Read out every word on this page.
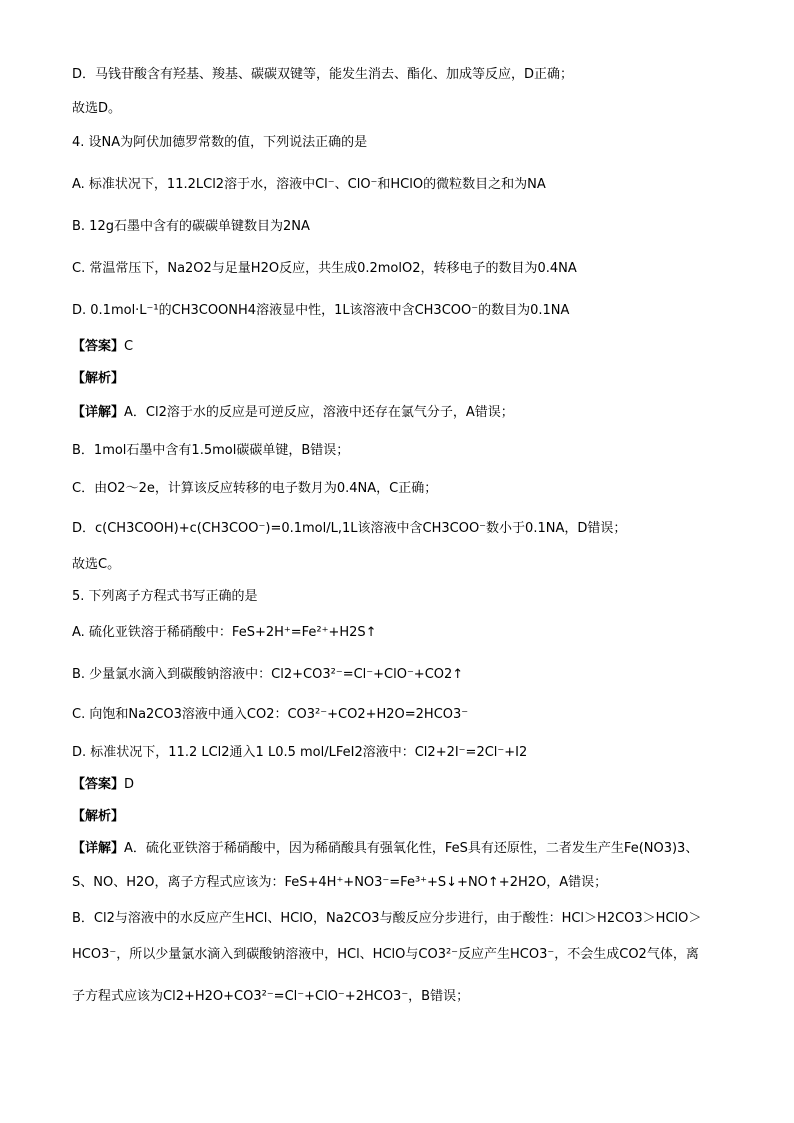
D．马钱苷酸含有羟基、羧基、碳碳双键等，能发生消去、酯化、加成等反应，D正确；
故选D。
4. 设NA为阿伏加德罗常数的值，下列说法正确的是
A. 标准状况下，11.2LCl2溶于水，溶液中Cl⁻、ClO⁻和HClO的微粒数目之和为NA
B. 12g石墨中含有的碳碳单键数目为2NA
C. 常温常压下，Na2O2与足量H2O反应，共生成0.2molO2，转移电子的数目为0.4NA
D. 0.1mol·L⁻¹的CH3COONH4溶液显中性，1L该溶液中含CH3COO⁻的数目为0.1NA
【答案】C
【解析】
【详解】A．Cl2溶于水的反应是可逆反应，溶液中还存在氯气分子，A错误；
B．1mol石墨中含有1.5mol碳碳单键，B错误；
C．由O2～2e，计算该反应转移的电子数月为0.4NA，C正确；
D．c(CH3COOH)+c(CH3COO⁻)=0.1mol/L,1L该溶液中含CH3COO⁻数小于0.1NA，D错误；
故选C。
5. 下列离子方程式书写正确的是
A. 硫化亚铁溶于稀硝酸中：FeS+2H⁺=Fe²⁺+H2S↑
B. 少量氯水滴入到碳酸钠溶液中：Cl2+CO3²⁻=Cl⁻+ClO⁻+CO2↑
C. 向饱和Na2CO3溶液中通入CO2：CO3²⁻+CO2+H2O=2HCO3⁻
D. 标准状况下，11.2 LCl2通入1 L0.5 mol/LFeI2溶液中：Cl2+2I⁻=2Cl⁻+I2
【答案】D
【解析】
【详解】A．硫化亚铁溶于稀硝酸中，因为稀硝酸具有强氧化性，FeS具有还原性，二者发生产生Fe(NO3)3、
S、NO、H2O，离子方程式应该为：FeS+4H⁺+NO3⁻=Fe³⁺+S↓+NO↑+2H2O，A错误；
B．Cl2与溶液中的水反应产生HCl、HClO，Na2CO3与酸反应分步进行，由于酸性：HCl＞H2CO3＞HClO＞
HCO3⁻，所以少量氯水滴入到碳酸钠溶液中，HCl、HClO与CO3²⁻反应产生HCO3⁻，不会生成CO2气体，离
子方程式应该为Cl2+H2O+CO3²⁻=Cl⁻+ClO⁻+2HCO3⁻，B错误；
